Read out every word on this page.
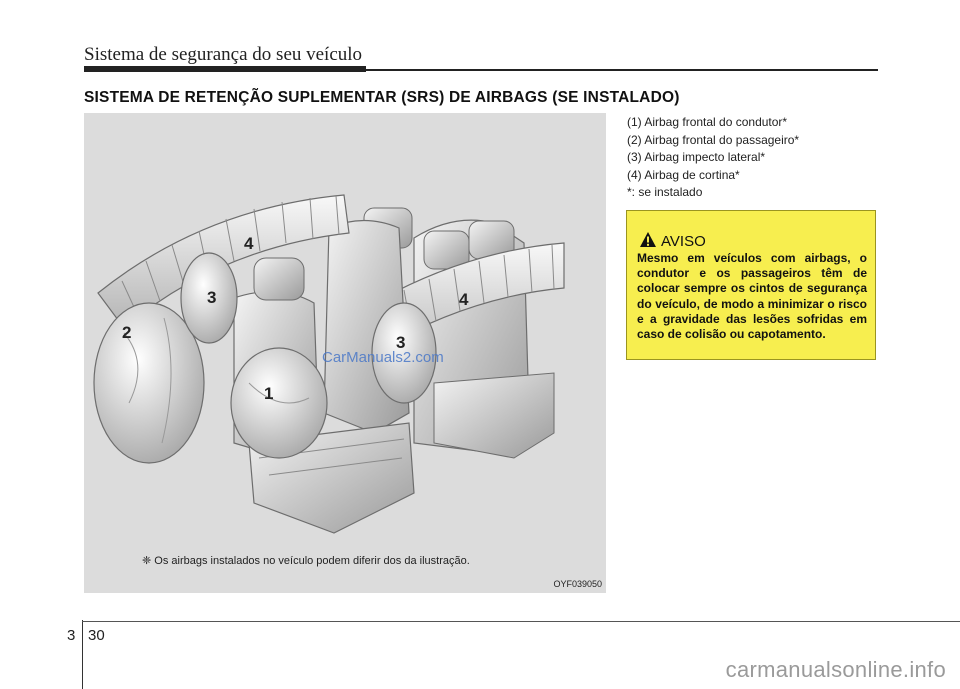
Sistema de segurança do seu veículo
SISTEMA DE RETENÇÃO SUPLEMENTAR (SRS) DE AIRBAGS (SE INSTALADO)
4
3
2
1
3
4
CarManuals2.com
❈ Os airbags instalados no veículo podem diferir dos da ilustração.
OYF039050
(1) Airbag frontal do condutor*
(2) Airbag frontal do passageiro*
(3) Airbag impecto lateral*
(4) Airbag de cortina*
*: se instalado
AVISO
Mesmo em veículos com airbags, o condutor e os passageiros têm de colocar sempre os cintos de segurança do veículo, de modo a minimizar o risco e a gravidade das lesões sofridas em caso de colisão ou capotamento.
3 30
carmanualsonline.info
